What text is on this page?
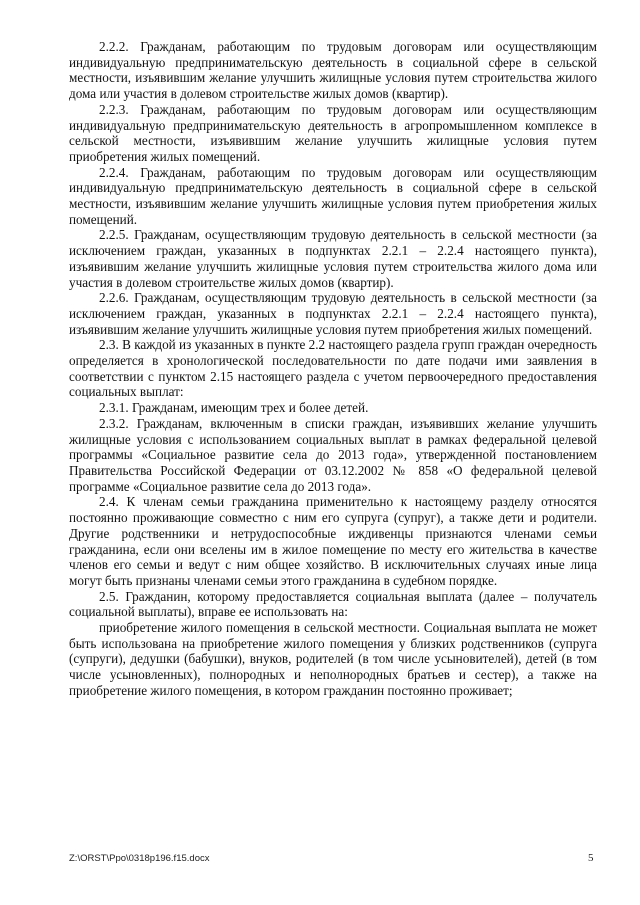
2.2.2. Гражданам, работающим по трудовым договорам или осуществляющим индивидуальную предпринимательскую деятельность в социальной сфере в сельской местности, изъявившим желание улучшить жилищные условия путем строительства жилого дома или участия в долевом строительстве жилых домов (квартир).

2.2.3. Гражданам, работающим по трудовым договорам или осуществляющим индивидуальную предпринимательскую деятельность в агропромышленном комплексе в сельской местности, изъявившим желание улучшить жилищные условия путем приобретения жилых помещений.

2.2.4. Гражданам, работающим по трудовым договорам или осуществляющим индивидуальную предпринимательскую деятельность в социальной сфере в сельской местности, изъявившим желание улучшить жилищные условия путем приобретения жилых помещений.

2.2.5. Гражданам, осуществляющим трудовую деятельность в сельской местности (за исключением граждан, указанных в подпунктах 2.2.1 – 2.2.4 настоящего пункта), изъявившим желание улучшить жилищные условия путем строительства жилого дома или участия в долевом строительстве жилых домов (квартир).

2.2.6. Гражданам, осуществляющим трудовую деятельность в сельской местности (за исключением граждан, указанных в подпунктах 2.2.1 – 2.2.4 настоящего пункта), изъявившим желание улучшить жилищные условия путем приобретения жилых помещений.

2.3. В каждой из указанных в пункте 2.2 настоящего раздела групп граждан очередность определяется в хронологической последовательности по дате подачи ими заявления в соответствии с пунктом 2.15 настоящего раздела с учетом первоочередного предоставления социальных выплат:

2.3.1. Гражданам, имеющим трех и более детей.

2.3.2. Гражданам, включенным в списки граждан, изъявивших желание улучшить жилищные условия с использованием социальных выплат в рамках федеральной целевой программы «Социальное развитие села до 2013 года», утвержденной постановлением Правительства Российской Федерации от 03.12.2002 № 858 «О федеральной целевой программе «Социальное развитие села до 2013 года».

2.4. К членам семьи гражданина применительно к настоящему разделу относятся постоянно проживающие совместно с ним его супруга (супруг), а также дети и родители. Другие родственники и нетрудоспособные иждивенцы признаются членами семьи гражданина, если они вселены им в жилое помещение по месту его жительства в качестве членов его семьи и ведут с ним общее хозяйство. В исключительных случаях иные лица могут быть признаны членами семьи этого гражданина в судебном порядке.

2.5. Гражданин, которому предоставляется социальная выплата (далее – получатель социальной выплаты), вправе ее использовать на:

приобретение жилого помещения в сельской местности. Социальная выплата не может быть использована на приобретение жилого помещения у близких родственников (супруга (супруги), дедушки (бабушки), внуков, родителей (в том числе усыновителей), детей (в том числе усыновленных), полнородных и неполнородных братьев и сестер), а также на приобретение жилого помещения, в котором гражданин постоянно проживает;

Z:\ORST\Ppo\0318p196.f15.docx	5
